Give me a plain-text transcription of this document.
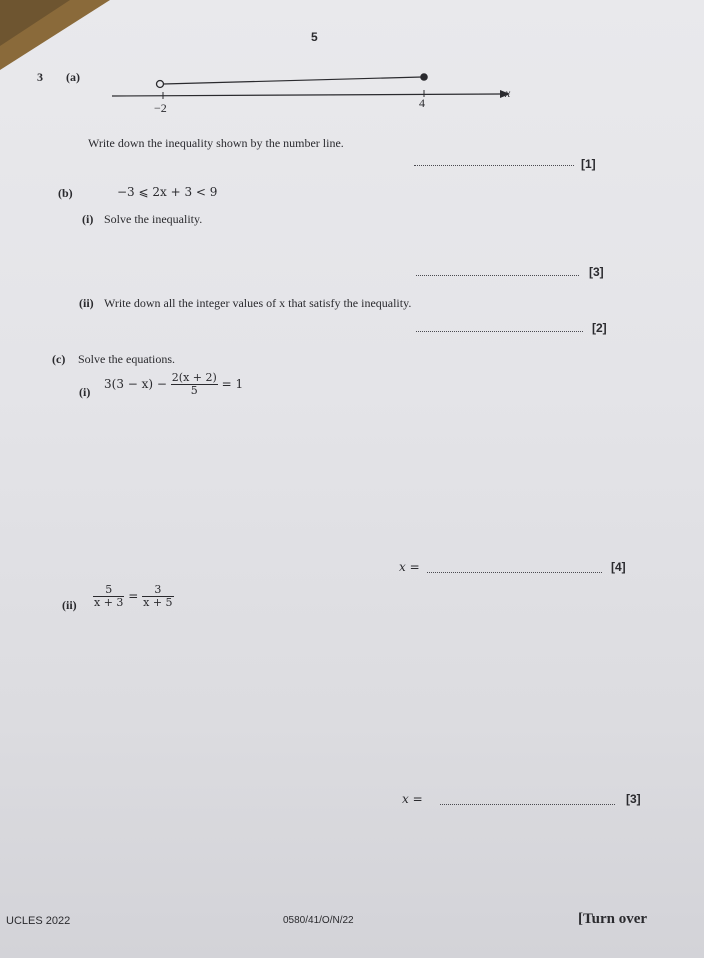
5
3 (a)
−2	4
x
Write down the inequality shown by the number line.
[1]
(b)	−3 ⩽ 2x + 3 < 9
(i) Solve the inequality.
[3]
(ii) Write down all the integer values of x that satisfy the inequality.
[2]
(c) Solve the equations.
(i)
$3(3 - x) - \frac{2(x + 2)}{5} = 1$
x =	[4]
$(ii) \frac{5}{x + 3} = \frac{3}{x + 5}$
x =	[3]
UCLES 2022	0580/41/O/N/22	[Turn over
